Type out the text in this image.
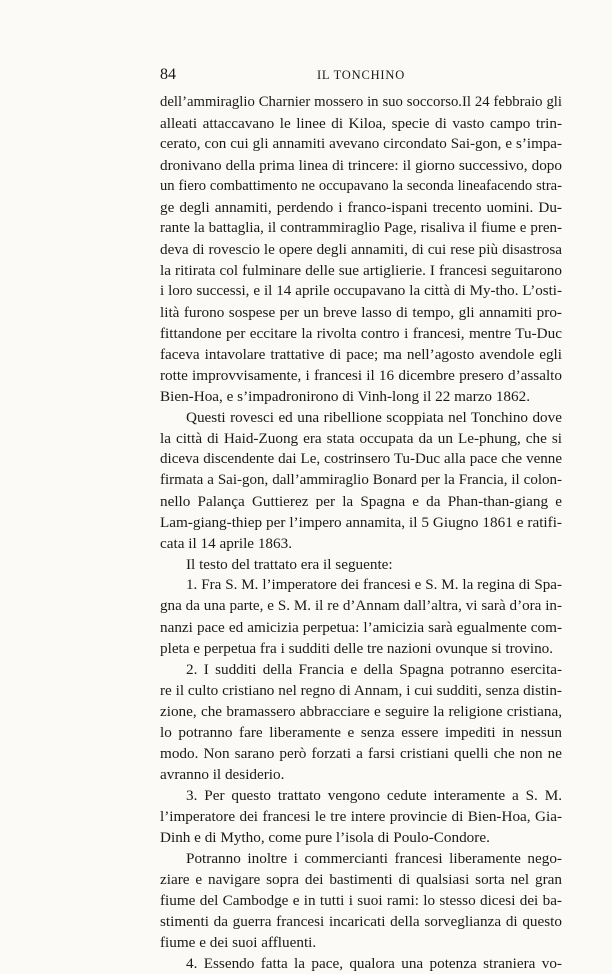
84	IL TONCHINO
dell’ammiraglio Charnier mossero in suo soccorso.Il 24 febbraio gli
alleati attaccavano le linee di Kiloa, specie di vasto campo trin-
cerato, con cui gli annamiti avevano circondato Sai-gon, e s’impa-
dronivano della prima linea di trincere: il giorno successivo, dopo
un fiero combattimento ne occupavano la seconda lineafacendo stra-
ge degli annamiti, perdendo i franco-ispani trecento uomini. Du-
rante la battaglia, il contrammiraglio Page, risaliva il fiume e pren-
deva di rovescio le opere degli annamiti, di cui rese più disastrosa
la ritirata col fulminare delle sue artiglierie. I francesi seguitarono
i loro successi, e il 14 aprile occupavano la città di My-tho. L’osti-
lità furono sospese per un breve lasso di tempo, gli annamiti pro-
fittandone per eccitare la rivolta contro i francesi, mentre Tu-Duc
faceva intavolare trattative di pace; ma nell’agosto avendole egli
rotte improvvisamente, i francesi il 16 dicembre presero d’assalto
Bien-Hoa, e s’impadronirono di Vinh-long il 22 marzo 1862.
Questi rovesci ed una ribellione scoppiata nel Tonchino dove
la città di Haid-Zuong era stata occupata da un Le-phung, che si
diceva discendente dai Le, costrinsero Tu-Duc alla pace che venne
firmata a Sai-gon, dall’ammiraglio Bonard per la Francia, il colon-
nello Palança Guttierez per la Spagna e da Phan-than-giang e
Lam-giang-thiep per l’impero annamita, il 5 Giugno 1861 e ratifi-
cata il 14 aprile 1863.
Il testo del trattato era il seguente:
1. Fra S. M. l’imperatore dei francesi e S. M. la regina di Spa-
gna da una parte, e S. M. il re d’Annam dall’altra, vi sarà d’ora in-
nanzi pace ed amicizia perpetua: l’amicizia sarà egualmente com-
pleta e perpetua fra i sudditi delle tre nazioni ovunque si trovino.
2. I sudditi della Francia e della Spagna potranno esercita-
re il culto cristiano nel regno di Annam, i cui sudditi, senza distin-
zione, che bramassero abbracciare e seguire la religione cristiana,
lo potranno fare liberamente e senza essere impediti in nessun
modo. Non sarano però forzati a farsi cristiani quelli che non ne
avranno il desiderio.
3. Per questo trattato vengono cedute interamente a S. M.
l’imperatore dei francesi le tre intere provincie di Bien-Hoa, Gia-
Dinh e di Mytho, come pure l’isola di Poulo-Condore.
Potranno inoltre i commercianti francesi liberamente nego-
ziare e navigare sopra dei bastimenti di qualsiasi sorta nel gran
fiume del Cambodge e in tutti i suoi rami: lo stesso dicesi dei ba-
stimenti da guerra francesi incaricati della sorveglianza di questo
fiume e dei suoi affluenti.
4. Essendo fatta la pace, qualora una potenza straniera vo-
